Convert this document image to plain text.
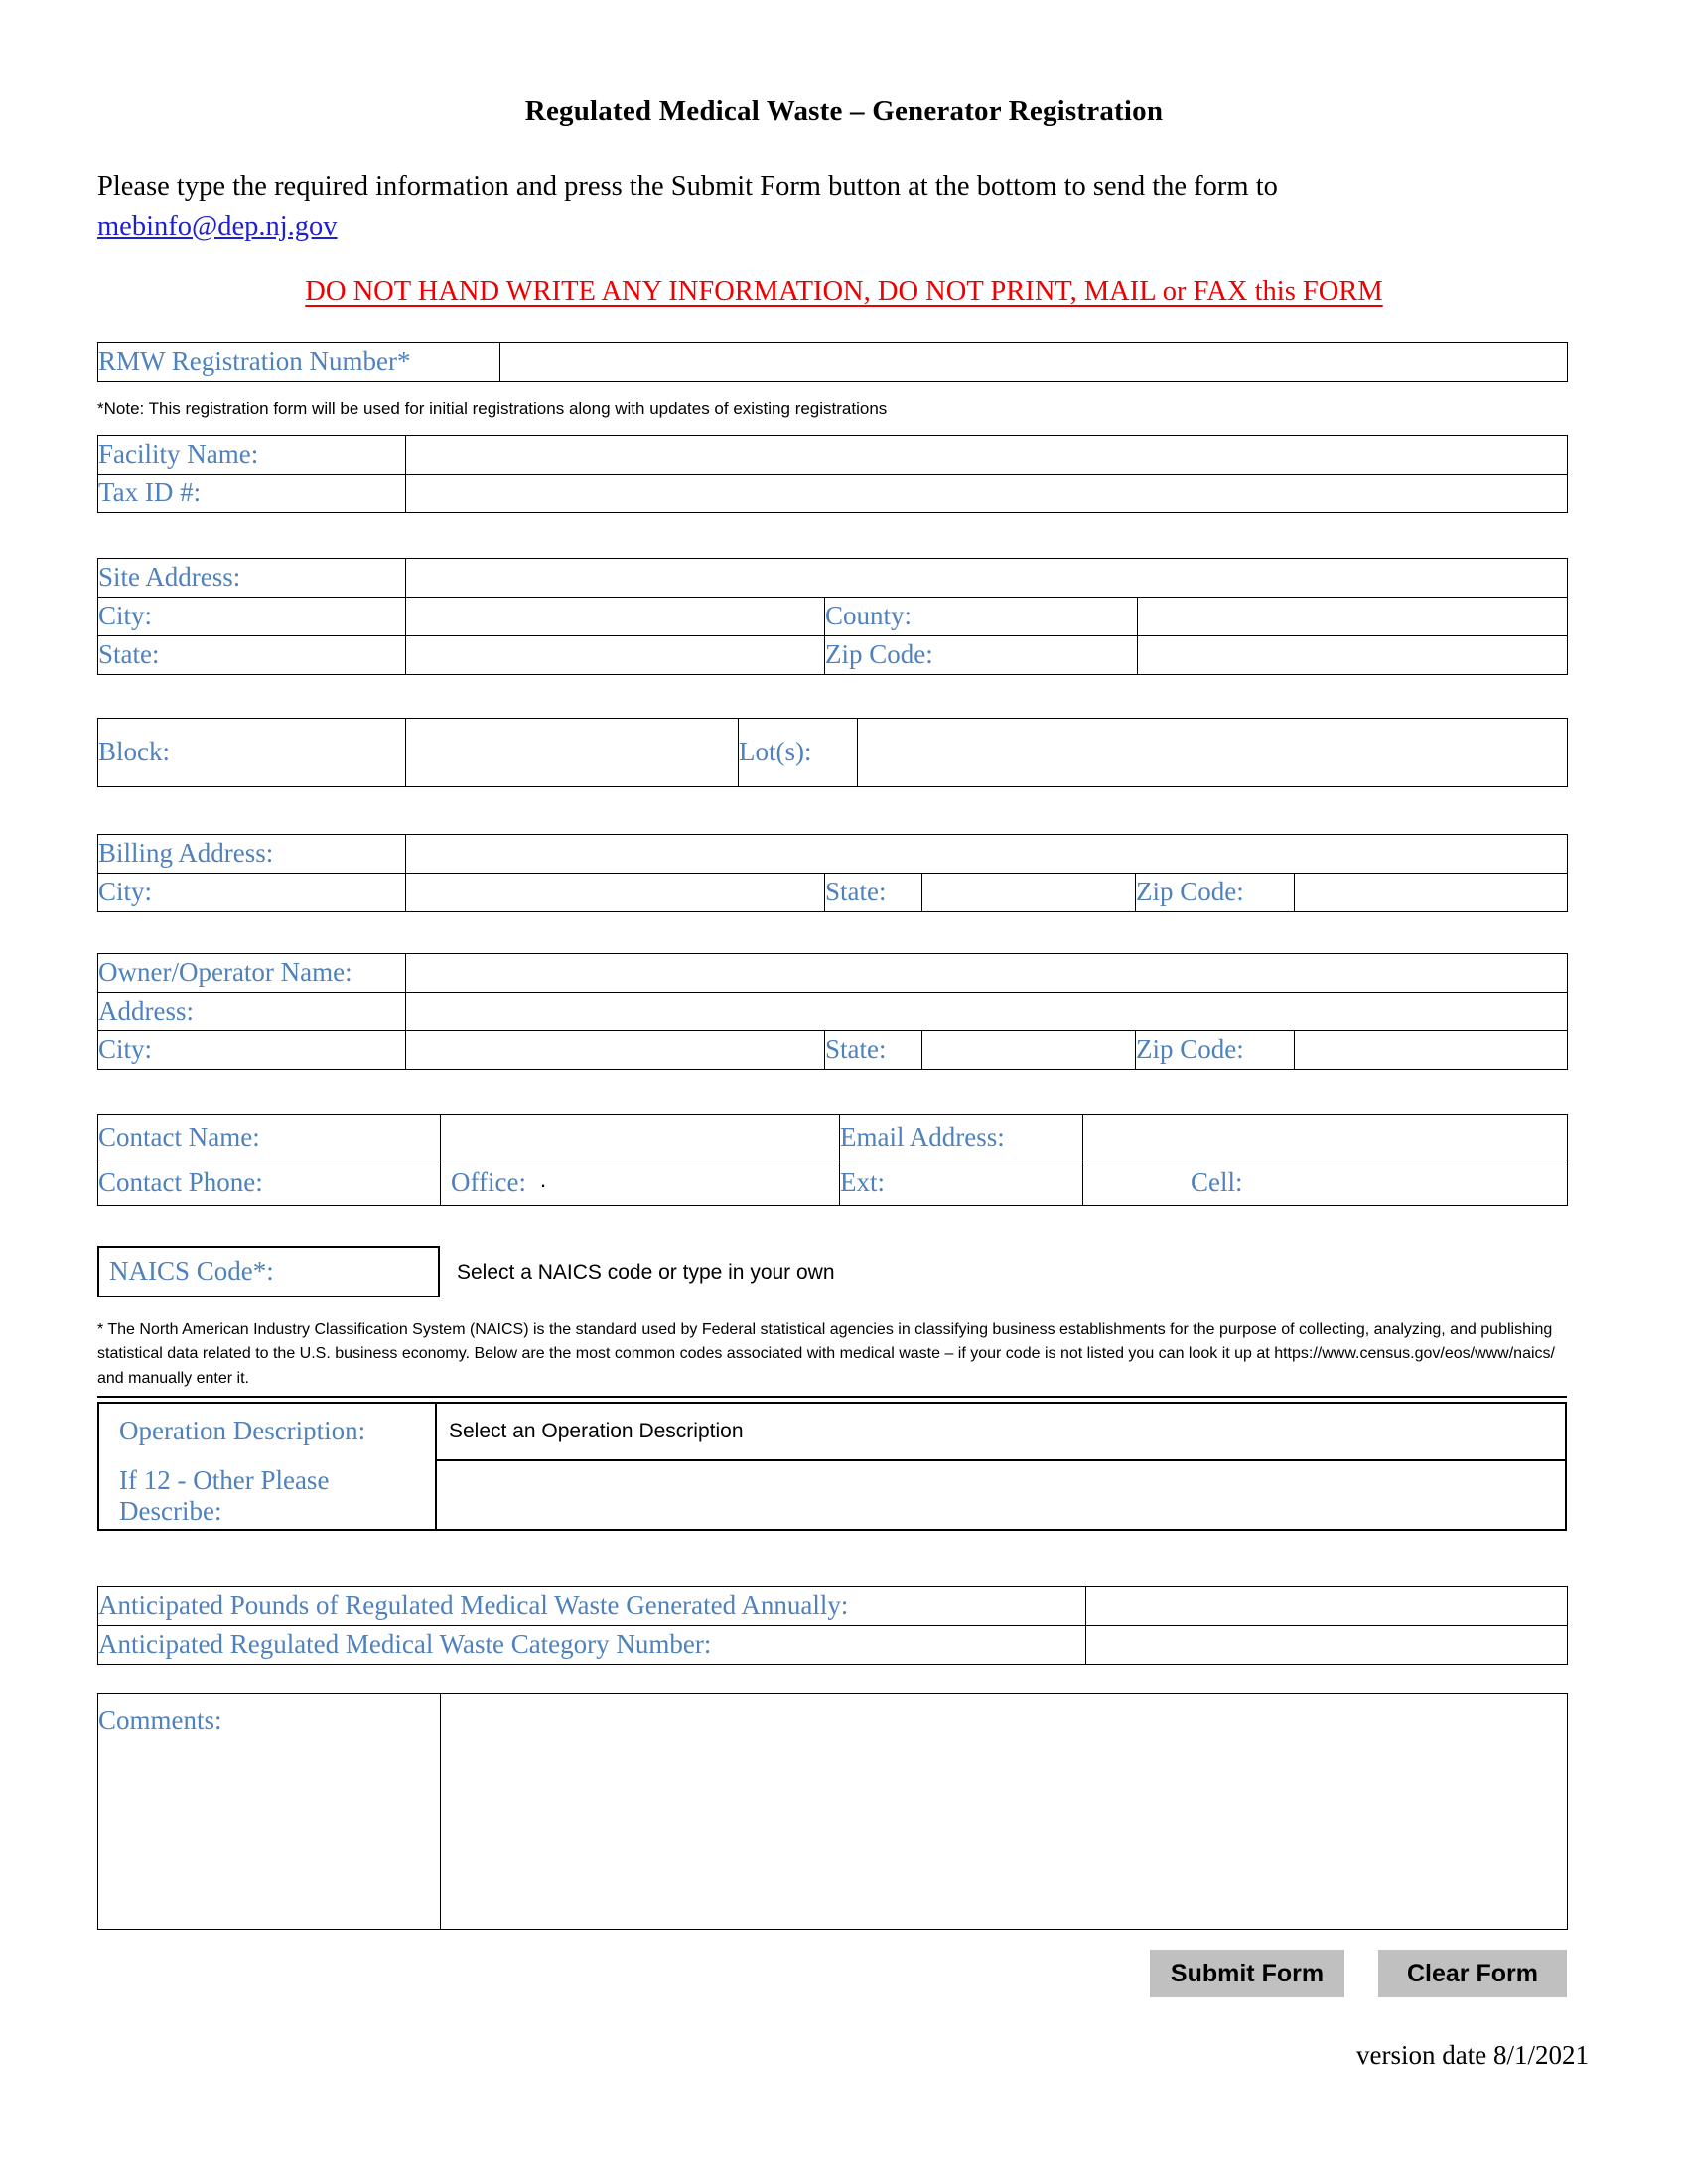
Regulated Medical Waste – Generator Registration
Please type the required information and press the Submit Form button at the bottom to send the form to mebinfo@dep.nj.gov
DO NOT HAND WRITE ANY INFORMATION, DO NOT PRINT, MAIL or FAX this FORM
RMW Registration Number*	
*Note: This registration form will be used for initial registrations along with updates of existing registrations
Facility Name:	
Tax ID #:	
Site Address:	
City:		County:	
State:		Zip Code:	
Block:		Lot(s):	
Billing Address:	
City:		State:		Zip Code:	
Owner/Operator Name:	
Address:	
City:		State:		Zip Code:	
Contact Name:		Email Address:	
Contact Phone:	Office: .	Ext:	Cell:
NAICS Code*:	Select a NAICS code or type in your own
* The North American Industry Classification System (NAICS) is the standard used by Federal statistical agencies in classifying business establishments for the purpose of collecting, analyzing, and publishing statistical data related to the U.S. business economy. Below are the most common codes associated with medical waste – if your code is not listed you can look it up at https://www.census.gov/eos/www/naics/ and manually enter it.
Operation Description:	Select an Operation Description
If 12 - Other Please Describe:
Anticipated Pounds of Regulated Medical Waste Generated Annually:	
Anticipated Regulated Medical Waste Category Number:	
Comments:	
Submit Form	Clear Form
version date 8/1/2021
